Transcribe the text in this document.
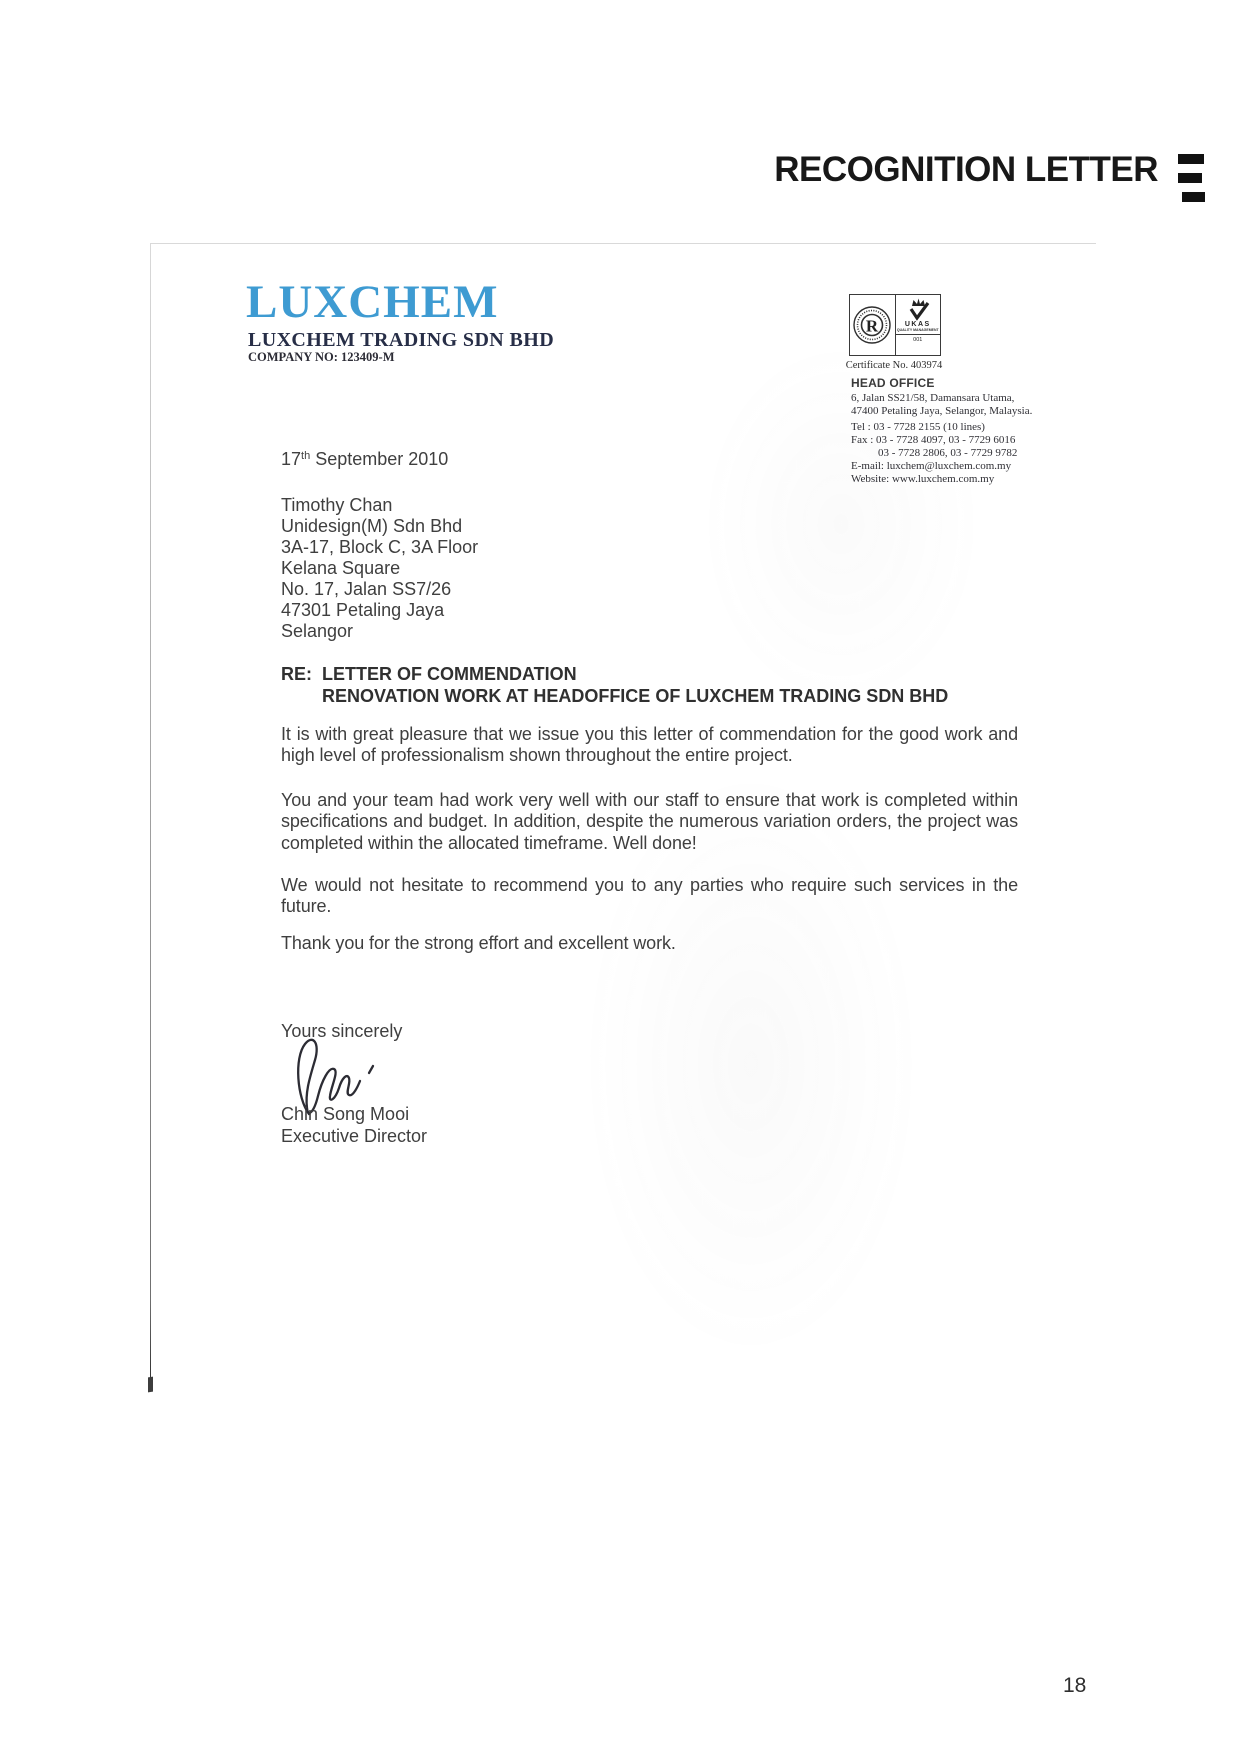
RECOGNITION LETTER
LUXCHEM
LUXCHEM TRADING SDN BHD
COMPANY NO: 123409-M
R	UKAS
QUALITY MANAGEMENT
001
Certificate No. 403974
HEAD OFFICE
6, Jalan SS21/58, Damansara Utama,
47400 Petaling Jaya, Selangor, Malaysia.
Tel : 03 - 7728 2155 (10 lines)
Fax : 03 - 7728 4097, 03 - 7729 6016
03 - 7728 2806, 03 - 7729 9782
E-mail: luxchem@luxchem.com.my
Website: www.luxchem.com.my
17th September 2010
Timothy Chan
Unidesign(M) Sdn Bhd
3A-17, Block C, 3A Floor
Kelana Square
No. 17, Jalan SS7/26
47301 Petaling Jaya
Selangor
RE: LETTER OF COMMENDATION
RENOVATION WORK AT HEADOFFICE OF LUXCHEM TRADING SDN BHD
It is with great pleasure that we issue you this letter of commendation for the good work and high level of professionalism shown throughout the entire project.
You and your team had work very well with our staff to ensure that work is completed within specifications and budget. In addition, despite the numerous variation orders, the project was completed within the allocated timeframe. Well done!
We would not hesitate to recommend you to any parties who require such services in the future.
Thank you for the strong effort and excellent work.
Yours sincerely
Chin Song Mooi
Executive Director
18
